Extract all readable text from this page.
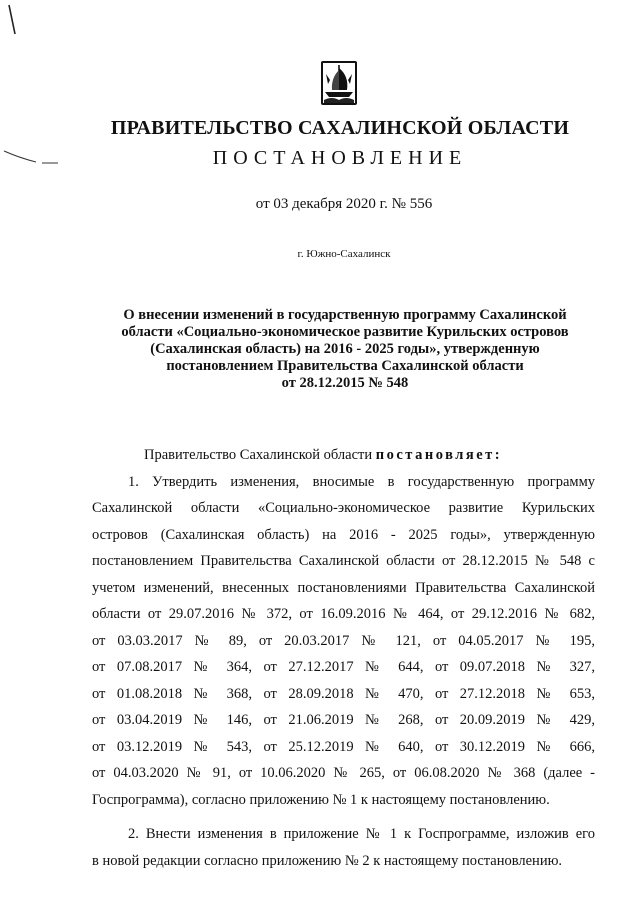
ПРАВИТЕЛЬСТВО САХАЛИНСКОЙ ОБЛАСТИ
ПОСТАНОВЛЕНИЕ
от 03 декабря 2020 г. № 556
г. Южно-Сахалинск
О внесении изменений в государственную программу Сахалинской
области «Социально-экономическое развитие Курильских островов
(Сахалинская область) на 2016 - 2025 годы», утвержденную
постановлением Правительства Сахалинской области
от 28.12.2015 № 548
Правительство Сахалинской области постановляет:
1. Утвердить изменения, вносимые в государственную программу
Сахалинской области «Социально-экономическое развитие Курильских
островов (Сахалинская область) на 2016 - 2025 годы», утвержденную
постановлением Правительства Сахалинской области от 28.12.2015 № 548 с
учетом изменений, внесенных постановлениями Правительства Сахалинской
области от 29.07.2016 № 372, от 16.09.2016 № 464, от 29.12.2016 № 682,
от 03.03.2017 № 89, от 20.03.2017 № 121, от 04.05.2017 № 195,
от 07.08.2017 № 364, от 27.12.2017 № 644, от 09.07.2018 № 327,
от 01.08.2018 № 368, от 28.09.2018 № 470, от 27.12.2018 № 653,
от 03.04.2019 № 146, от 21.06.2019 № 268, от 20.09.2019 № 429,
от 03.12.2019 № 543, от 25.12.2019 № 640, от 30.12.2019 № 666,
от 04.03.2020 № 91, от 10.06.2020 № 265, от 06.08.2020 № 368 (далее -
Госпрограмма), согласно приложению № 1 к настоящему постановлению.
2. Внести изменения в приложение № 1 к Госпрограмме, изложив его
в новой редакции согласно приложению № 2 к настоящему постановлению.
